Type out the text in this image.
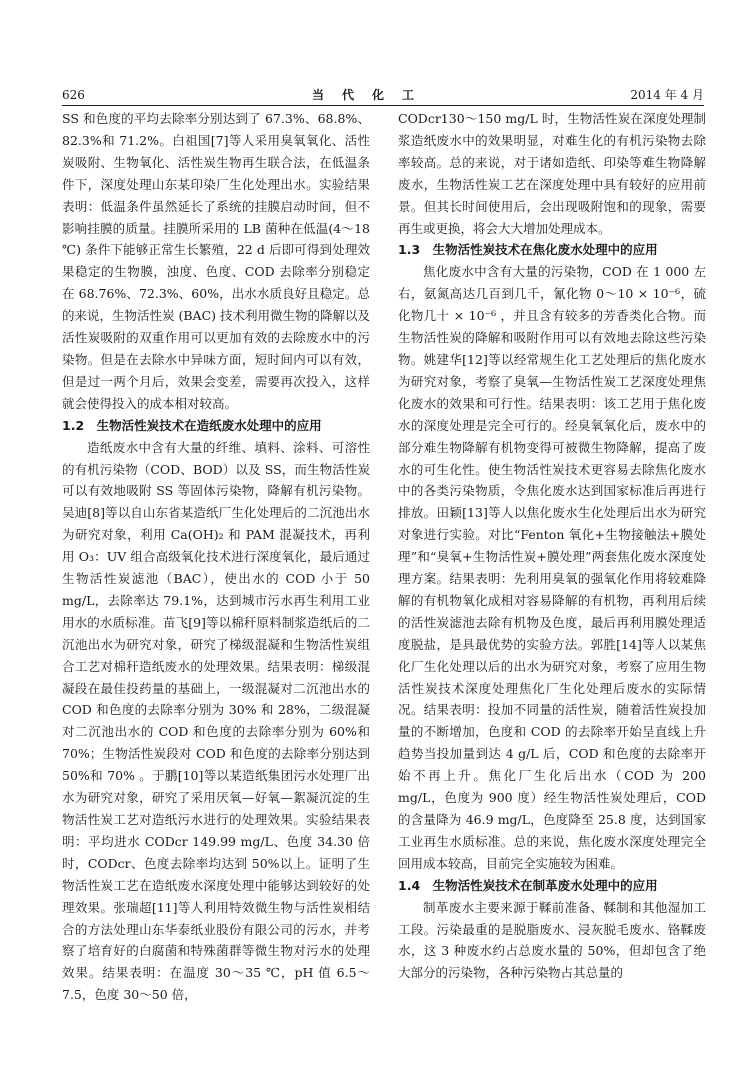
626	当代化工	2014 年 4 月

SS 和色度的平均去除率分别达到了 67.3%、68.8%、82.3%和 71.2%。白祖国[7]等人采用臭氧氧化、活性炭吸附、生物氧化、活性炭生物再生联合法，在低温条件下，深度处理山东某印染厂生化处理出水。实验结果表明：低温条件虽然延长了系统的挂膜启动时间，但不影响挂膜的质量。挂膜所采用的 LB 菌种在低温(4～18 ℃) 条件下能够正常生长繁殖，22 d 后即可得到处理效果稳定的生物膜，浊度、色度、COD 去除率分别稳定在 68.76%、72.3%、60%，出水水质良好且稳定。总的来说，生物活性炭 (BAC) 技术利用微生物的降解以及活性炭吸附的双重作用可以更加有效的去除废水中的污染物。但是在去除水中异味方面，短时间内可以有效，但是过一两个月后，效果会变差，需要再次投入，这样就会使得投入的成本相对较高。

1.2　生物活性炭技术在造纸废水处理中的应用

造纸废水中含有大量的纤维、填料、涂料、可溶性的有机污染物（COD、BOD）以及 SS，而生物活性炭可以有效地吸附 SS 等固体污染物，降解有机污染物。吴迪[8]等以自山东省某造纸厂生化处理后的二沉池出水为研究对象，利用 Ca(OH)₂ 和 PAM 混凝技术，再利用 O₃：UV 组合高级氧化技术进行深度氧化，最后通过生物活性炭滤池（BAC），使出水的 COD 小于 50 mg/L，去除率达 79.1%，达到城市污水再生利用工业用水的水质标准。苗飞[9]等以棉秆原料制浆造纸后的二沉池出水为研究对象，研究了梯级混凝和生物活性炭组合工艺对棉秆造纸废水的处理效果。结果表明：梯级混凝段在最佳投药量的基础上，一级混凝对二沉池出水的 COD 和色度的去除率分别为 30% 和 28%，二级混凝对二沉池出水的 COD 和色度的去除率分别为 60%和 70%；生物活性炭段对 COD 和色度的去除率分别达到 50%和 70% 。于鹏[10]等以某造纸集团污水处理厂出水为研究对象，研究了采用厌氧—好氧—絮凝沉淀的生物活性炭工艺对造纸污水进行的处理效果。实验结果表明：平均进水 CODcr 149.99 mg/L、色度 34.30 倍时，CODcr、色度去除率均达到 50%以上。证明了生物活性炭工艺在造纸废水深度处理中能够达到较好的处理效果。张瑞超[11]等人利用特效微生物与活性炭相结合的方法处理山东华泰纸业股份有限公司的污水，并考察了培育好的白腐菌和特殊菌群等微生物对污水的处理效果。结果表明：在温度 30～35 ℃，pH 值 6.5～7.5，色度 30～50 倍，

CODcr130～150 mg/L 时，生物活性炭在深度处理制浆造纸废水中的效果明显，对难生化的有机污染物去除率较高。总的来说，对于诸如造纸、印染等难生物降解废水，生物活性炭工艺在深度处理中具有较好的应用前景。但其长时间使用后，会出现吸附饱和的现象，需要再生或更换，将会大大增加处理成本。

1.3　生物活性炭技术在焦化废水处理中的应用

焦化废水中含有大量的污染物，COD 在 1 000 左右，氨氮高达几百到几千，氰化物 0～10 × 10⁻⁶，硫化物几十 × 10⁻⁶ ，并且含有较多的芳香类化合物。而生物活性炭的降解和吸附作用可以有效地去除这些污染物。姚建华[12]等以经常规生化工艺处理后的焦化废水为研究对象，考察了臭氧—生物活性炭工艺深度处理焦化废水的效果和可行性。结果表明：该工艺用于焦化废水的深度处理是完全可行的。经臭氧氧化后，废水中的部分难生物降解有机物变得可被微生物降解，提高了废水的可生化性。使生物活性炭技术更容易去除焦化废水中的各类污染物质，令焦化废水达到国家标准后再进行排放。田颖[13]等人以焦化废水生化处理后出水为研究对象进行实验。对比“Fenton 氧化+生物接触法+膜处理”和“臭氧+生物活性炭+膜处理”两套焦化废水深度处理方案。结果表明：先利用臭氧的强氧化作用将较难降解的有机物氧化成相对容易降解的有机物，再利用后续的活性炭滤池去除有机物及色度，最后再利用膜处理适度脱盐，是具最优势的实验方法。郭胜[14]等人以某焦化厂生化处理以后的出水为研究对象，考察了应用生物活性炭技术深度处理焦化厂生化处理后废水的实际情况。结果表明：投加不同量的活性炭，随着活性炭投加量的不断增加，色度和 COD 的去除率开始呈直线上升趋势当投加量到达 4 g/L 后，COD 和色度的去除率开始不再上升。焦化厂生化后出水（COD 为 200 mg/L，色度为 900 度）经生物活性炭处理后，COD 的含量降为 46.9 mg/L，色度降至 25.8 度，达到国家工业再生水质标准。总的来说，焦化废水深度处理完全回用成本较高，目前完全实施较为困难。

1.4　生物活性炭技术在制革废水处理中的应用

制革废水主要来源于鞣前准备、鞣制和其他湿加工工段。污染最重的是脱脂废水、浸灰脱毛废水、铬鞣废水，这 3 种废水约占总废水量的 50%，但却包含了绝大部分的污染物，各种污染物占其总量的
